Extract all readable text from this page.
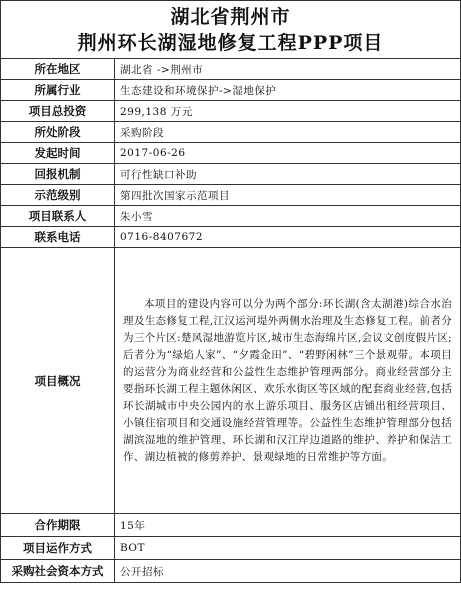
湖北省荆州市
荆州环长湖湿地修复工程PPP项目
所在地区	湖北省 ->荆州市
所属行业	生态建设和环境保护->湿地保护
项目总投资	299,138 万元
所处阶段	采购阶段
发起时间	2017-06-26
回报机制	可行性缺口补助
示范级别	第四批次国家示范项目
项目联系人	朱小雪
联系电话	0716-8407672
项目概况	本项目的建设内容可以分为两个部分:环长湖(含太湖港)综合水治理及生态修复工程,江汉运河堤外两侧水治理及生态修复工程。前者分为三个片区:楚风湿地游览片区,城市生态海绵片区,会议文创度假片区;后者分为“绿焰人家”、“夕霞金田”、“碧野闲林”三个景观带。本项目的运营分为商业经营和公益性生态维护管理两部分。商业经营部分主要指环长湖工程主题休闲区、欢乐水街区等区域的配套商业经营,包括环长湖城市中央公园内的水上游乐项目、服务区店铺出租经营项目、小镇住宿项目和交通设施经营管理等。公益性生态维护管理部分包括湖滨湿地的维护管理、环长湖和汉江岸边道路的维护、养护和保洁工作、湖边植被的修剪养护、景观绿地的日常维护等方面。

合作期限	15年
项目运作方式	BOT
采购社会资本方式	公开招标
